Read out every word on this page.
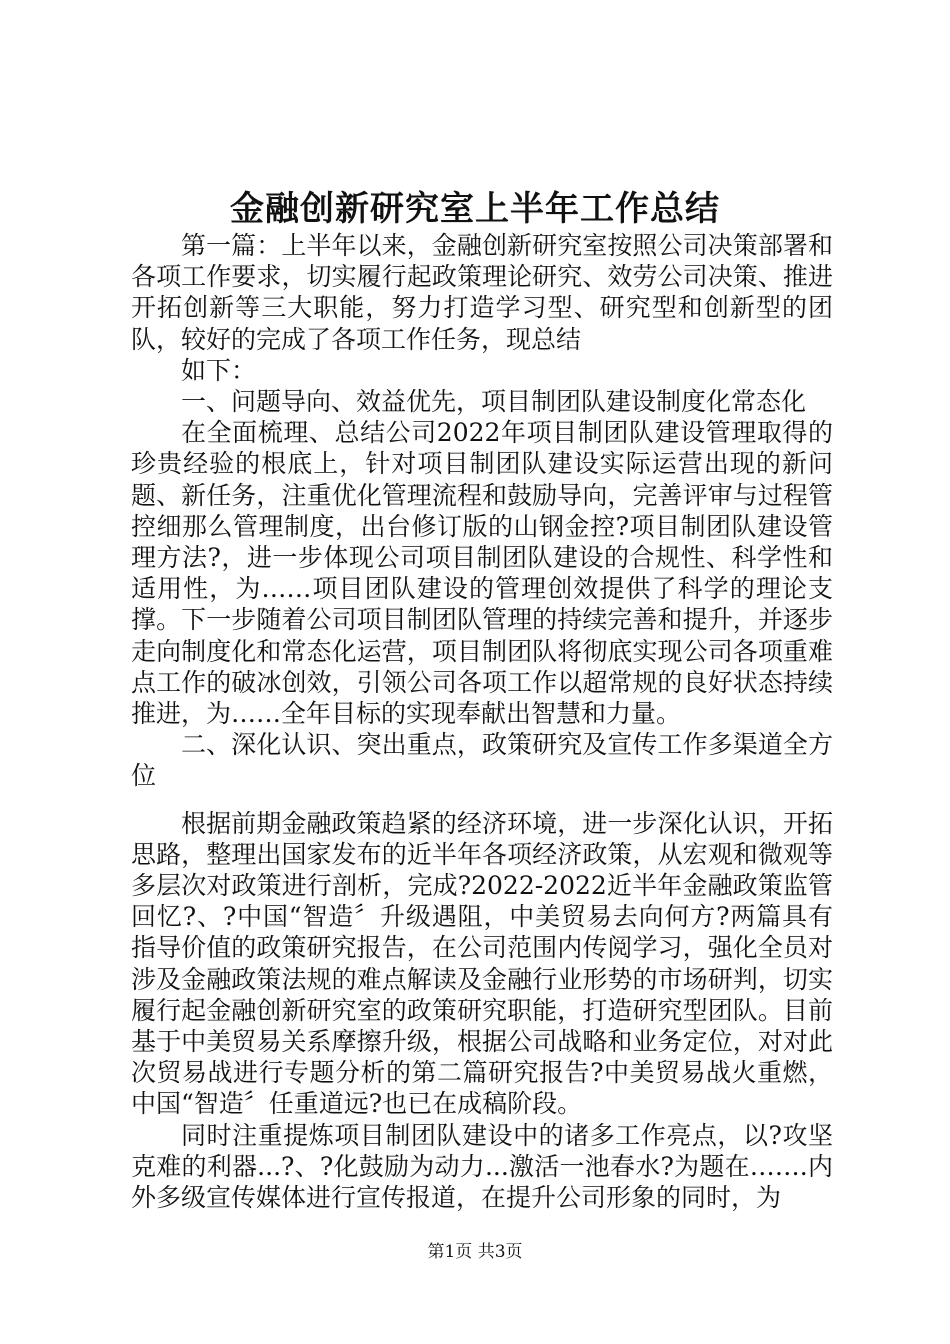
金融创新研究室上半年工作总结

第一篇：上半年以来，金融创新研究室按照公司决策部署和各项工作要求，切实履行起政策理论研究、效劳公司决策、推进开拓创新等三大职能，努力打造学习型、研究型和创新型的团队，较好的完成了各项工作任务，现总结

如下：

一、问题导向、效益优先，项目制团队建设制度化常态化

在全面梳理、总结公司2022年项目制团队建设管理取得的珍贵经验的根底上，针对项目制团队建设实际运营出现的新问题、新任务，注重优化管理流程和鼓励导向，完善评审与过程管控细那么管理制度，出台修订版的山钢金控?项目制团队建设管理方法?，进一步体现公司项目制团队建设的合规性、科学性和适用性，为……项目团队建设的管理创效提供了科学的理论支撑。下一步随着公司项目制团队管理的持续完善和提升，并逐步走向制度化和常态化运营，项目制团队将彻底实现公司各项重难点工作的破冰创效，引领公司各项工作以超常规的良好状态持续推进，为……全年目标的实现奉献出智慧和力量。

二、深化认识、突出重点，政策研究及宣传工作多渠道全方位

根据前期金融政策趋紧的经济环境，进一步深化认识，开拓思路，整理出国家发布的近半年各项经济政策，从宏观和微观等多层次对政策进行剖析，完成?2022-2022近半年金融政策监管回忆?、?中国“智造〞升级遇阻，中美贸易去向何方?两篇具有指导价值的政策研究报告，在公司范围内传阅学习，强化全员对涉及金融政策法规的难点解读及金融行业形势的市场研判，切实履行起金融创新研究室的政策研究职能，打造研究型团队。目前基于中美贸易关系摩擦升级，根据公司战略和业务定位，对对此次贸易战进行专题分析的第二篇研究报告?中美贸易战火重燃，中国“智造〞任重道远?也已在成稿阶段。

同时注重提炼项目制团队建设中的诸多工作亮点，以?攻坚克难的利器...?、?化鼓励为动力...激活一池春水?为题在…….内外多级宣传媒体进行宣传报道，在提升公司形象的同时，为

第1页 共3页
